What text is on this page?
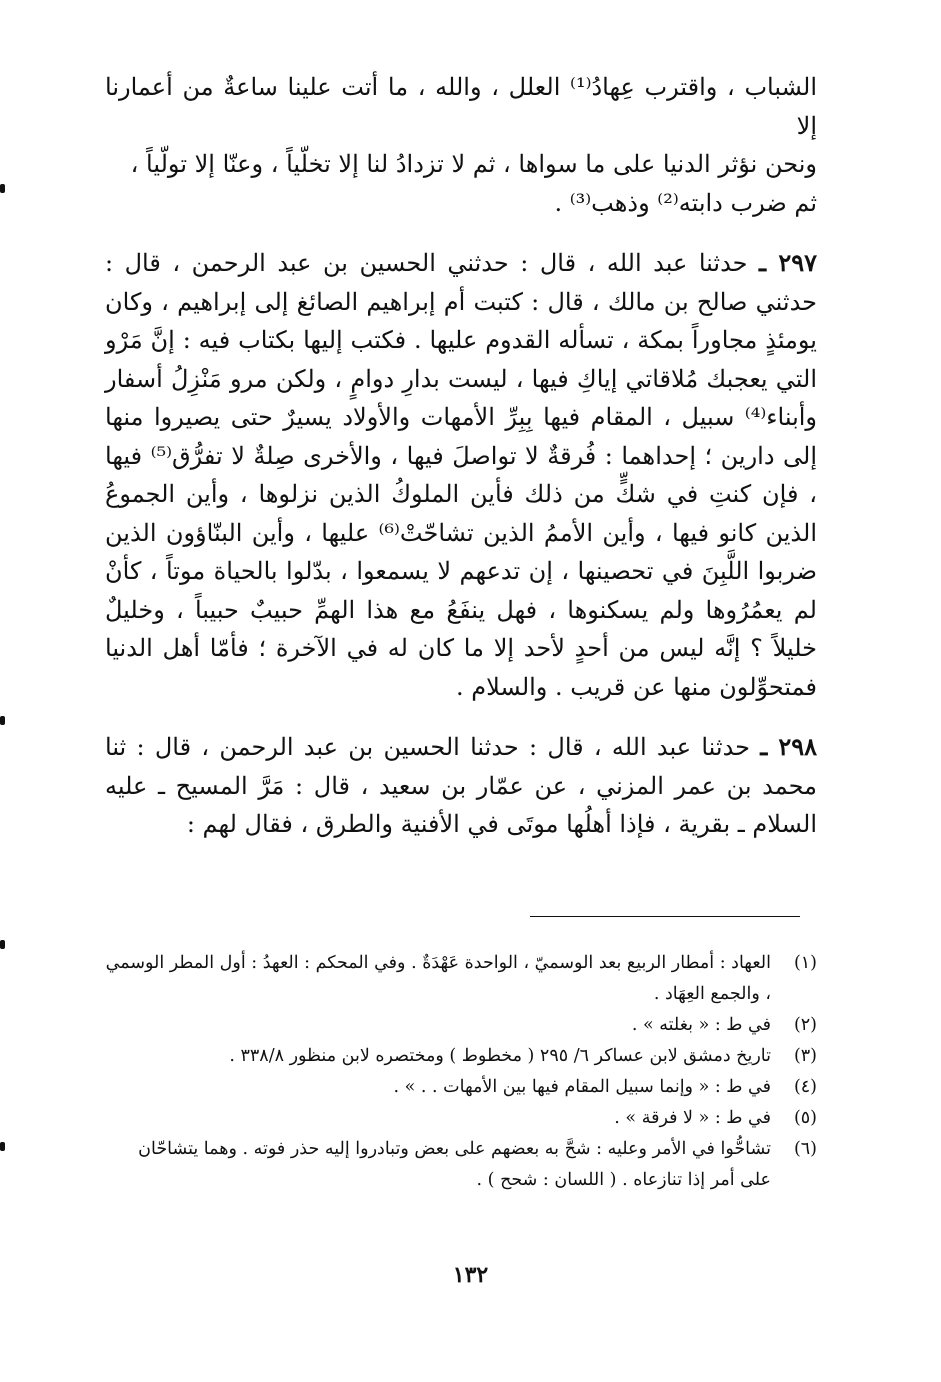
الشباب ، واقترب عِهادُ⁽¹⁾ العلل ، والله ، ما أتت علينا ساعةٌ من أعمارنا إلا
ونحن نؤثر الدنيا على ما سواها ، ثم لا تزدادُ لنا إلا تخلّياً ، وعنّا إلا تولّياً ،
ثم ضرب دابته⁽²⁾ وذهب⁽³⁾ .

٢٩٧ ـ حدثنا عبد الله ، قال : حدثني الحسين بن عبد الرحمن ، قال : حدثني صالح بن مالك ، قال : كتبت أم إبراهيم الصائغ إلى إبراهيم ، وكان يومئذٍ مجاوراً بمكة ، تسأله القدوم عليها . فكتب إليها بكتاب فيه : إنَّ مَرْو التي يعجبك مُلاقاتي إياكِ فيها ، ليست بدارِ دوامٍ ، ولكن مرو مَنْزِلُ أسفار وأبناء⁽⁴⁾ سبيل ، المقام فيها بِبِرِّ الأمهات والأولاد يسيرٌ حتى يصيروا منها إلى دارين ؛ إحداهما : فُرقةٌ لا تواصلَ فيها ، والأخرى صِلةٌ لا تفرُّق⁽⁵⁾ فيها ، فإن كنتِ في شكٍّ من ذلك فأين الملوكُ الذين نزلوها ، وأين الجموعُ الذين كانو فيها ، وأين الأممُ الذين تشاحّتْ⁽⁶⁾ عليها ، وأين البنّاؤون الذين ضربوا اللَّبِنَ في تحصينها ، إن تدعهم لا يسمعوا ، بدّلوا بالحياة موتاً ، كأنْ لم يعمُرُوها ولم يسكنوها ، فهل ينفَعُ مع هذا الهمِّ حبيبٌ حبيباً ، وخليلٌ خليلاً ؟ إنَّه ليس من أحدٍ لأحد إلا ما كان له في الآخرة ؛ فأمّا أهل الدنيا فمتحوِّلون منها عن قريب . والسلام .

٢٩٨ ـ حدثنا عبد الله ، قال : حدثنا الحسين بن عبد الرحمن ، قال : ثنا محمد بن عمر المزني ، عن عمّار بن سعيد ، قال : مَرَّ المسيح ـ عليه السلام ـ بقرية ، فإذا أهلُها موتَى في الأفنية والطرق ، فقال لهم :

(١)
العهاد : أمطار الربيع بعد الوسميّ ، الواحدة عَهْدَةٌ . وفي المحكم : العهدُ : أول المطر الوسمي ، والجمع العِهَاد .
(٢)
في ط : « بغلته » .
(٣)
تاريخ دمشق لابن عساكر ٦/ ٢٩٥ ( مخطوط ) ومختصره لابن منظور ٣٣٨/٨ .
(٤)
في ط : « وإنما سبيل المقام فيها بين الأمهات . . » .
(٥)
في ط : « لا فرقة » .
(٦)
تشاحُّوا في الأمر وعليه : شحَّ به بعضهم على بعض وتبادروا إليه حذر فوته . وهما يتشاحّان على أمر إذا تنازعاه . ( اللسان : شحح ) .
١٣٢
